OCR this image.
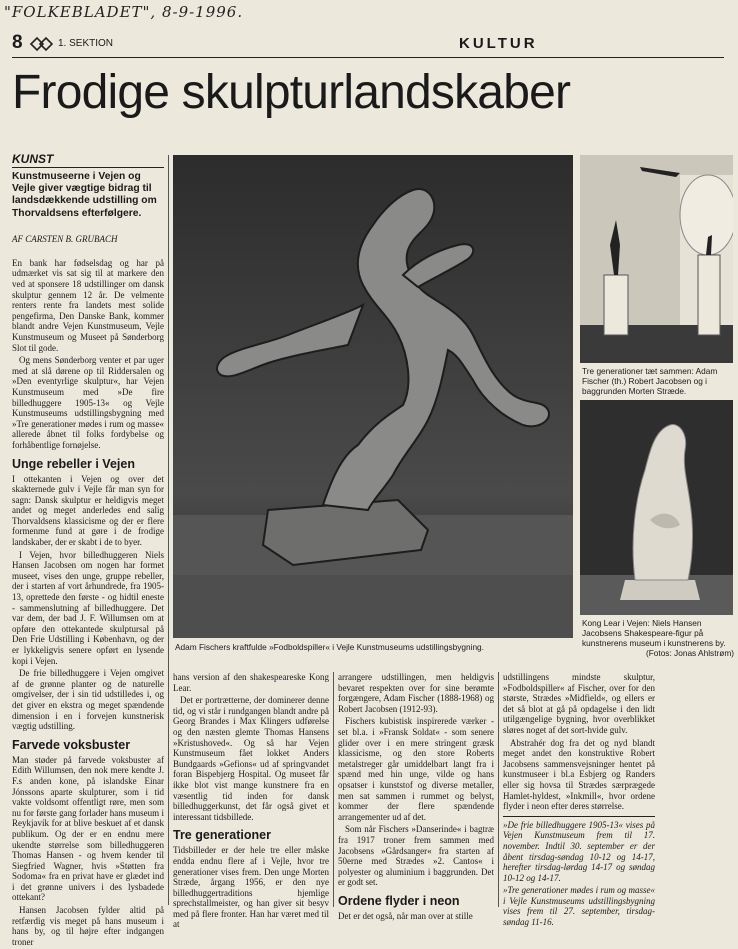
"FOLKEBLADET", 8-9-1996.
8	1. SEKTION	KULTUR
Frodige skulpturlandskaber
KUNST
Kunstmuseerne i Vejen og Vejle giver vægtige bidrag til landsdækkende udstilling om Thorvaldsens efterfølgere.
AF CARSTEN B. GRUBACH

En bank har fødselsdag og har på udmærket vis sat sig til at markere den ved at sponsere 18 udstillinger om dansk skulptur gennem 12 år. De velmente renters rente fra landets mest solide pengefirma, Den Danske Bank, kommer blandt andre Vejen Kunstmuseum, Vejle Kunstmuseum og Museet på Sønderborg Slot til gode.

Og mens Sønderborg venter et par uger med at slå dørene op til Riddersalen og »Den eventyrlige skulptur«, har Vejen Kunstmuseum med »De fire billedhuggere 1905-13« og Vejle Kunstmuseums udstillingsbygning med »Tre generationer mødes i rum og masse« allerede åbnet til folks fordybelse og forhåbentlige fornøjelse.

Unge rebeller i Vejen

I ottekanten i Vejen og over det skakternede gulv i Vejle får man syn for sagn: Dansk skulptur er heldigvis meget andet og meget anderledes end salig Thorvaldsens klassicisme og der er flere formenme fund at gøre i de frodige landskaber, der er skabt i de to byer.

I Vejen, hvor billedhuggeren Niels Hansen Jacobsen om nogen har formet museet, vises den unge, gruppe rebeller, der i starten af vort århundrede, fra 1905-13, oprettede den første - og hidtil eneste - sammenslutning af billedhuggere. Det var dem, der bad J. F. Willumsen om at opføre den ottekantede skulptursal på Den Frie Udstilling i København, og der er lykkeligvis senere opført en lysende kopi i Vejen.

De frie billedhuggere i Vejen omgivet af de grønne planter og de naturelle omgivelser, der i sin tid udstilledes i, og det giver en ekstra og meget spændende dimension i en i forvejen kunstnerisk vægtig udstilling.

Farvede voksbuster

Man støder på farvede voksbuster af Edith Willumsen, den nok mere kendte J. F.s anden kone, på islandske Einar Jónssons aparte skulpturer, som i tid vakte voldsomt offentligt røre, men som nu for første gang forlader hans museum i Reykjavík for at blive beskuet af et dansk publikum. Og der er en endnu mere ukendte størrelse som billedhuggeren Thomas Hansen - og hvem kender til Siegfried Wagner, hvis »Støtten fra Sodoma« fra en privat have er glædet ind i det grønne univers i des lysbadede ottekant?

Hansen Jacobsen fylder altid på retfærdig vis meget på hans museum i hans by, og til højre efter indgangen troner

Adam Fischers kraftfulde »Fodboldspiller« i Vejle Kunstmuseums udstillingsbygning.
Tre generationer tæt sammen: Adam Fischer (th.) Robert Jacobsen og i baggrunden Morten Stræde.
Kong Lear i Vejen: Niels Hansen Jacobsens Shakespeare-figur på kunstnerens museum i kunstnerens by.
(Fotos: Jonas Ahlstrøm)

hans version af den shakespeareske Kong Lear.

Det er portrætterne, der dominerer denne tid, og vi står i rundgangen blandt andre på Georg Brandes i Max Klingers udførelse og den næsten glemte Thomas Hansens »Kristushoved«. Og så har Vejen Kunstmuseum fået lokket Anders Bundgaards »Gefions« ud af springvandet foran Bispebjerg Hospital. Og museet får ikke blot vist mange kunstnere fra en væsentlig tid inden for dansk billedhuggerkunst, det får også givet et interessant tidsbillede.

Tre generationer

Tidsbilleder er der hele tre eller måske endda endnu flere af i Vejle, hvor tre generationer vises frem. Den unge Morten Stræde, årgang 1956, er den nye billedhuggertraditions hjemlige sprechstallmeister, og han giver sit besyv med på flere fronter. Han har været med til at

arrangere udstillingen, men heldigvis bevaret respekten over for sine berømte forgængere, Adam Fischer (1888-1968) og Robert Jacobsen (1912-93).

Fischers kubistisk inspirerede værker - set bl.a. i »Fransk Soldat« - som senere glider over i en mere stringent græsk klassicisme, og den store Roberts metalstreger går umiddelbart langt fra i spænd med hin unge, vilde og hans opsatser i kunststof og diverse metaller, men sat sammen i rummet og belyst, kommer der flere spændende arrangementer ud af det.

Som når Fischers »Danserinde« i bagtræ fra 1917 troner frem sammen med Jacobsens »Gårdsanger« fra starten af 50erne med Strædes »2. Cantos« i polyester og aluminium i baggrunden. Det er godt set.

Ordene flyder i neon

Det er det også, når man over at stille

udstillingens mindste skulptur, »Fodboldspiller« af Fischer, over for den største, Strædes »Midfield«, og ellers er det så blot at gå på opdagelse i den lidt utilgængelige bygning, hvor overblikket sløres noget af det sort-hvide gulv.

Abstrahér dog fra det og nyd blandt meget andet den konstruktive Robert Jacobsens sammensvejsninger hentet på kunstmuseer i bl.a Esbjerg og Randers eller sig hovsa til Strædes særprægede Hamlet-hyldest, »Inkmill«, hvor ordene flyder i neon efter deres størrelse.

»De frie billedhuggere 1905-13« vises på Vejen Kunstmuseum frem til 17. november. Indtil 30. september er der åbent tirsdag-søndag 10-12 og 14-17, herefter tirsdag-lørdag 14-17 og søndag 10-12 og 14-17.

»Tre generationer mødes i rum og masse« i Vejle Kunstmuseums udstillingsbygning vises frem til 27. september, tirsdag-søndag 11-16.
